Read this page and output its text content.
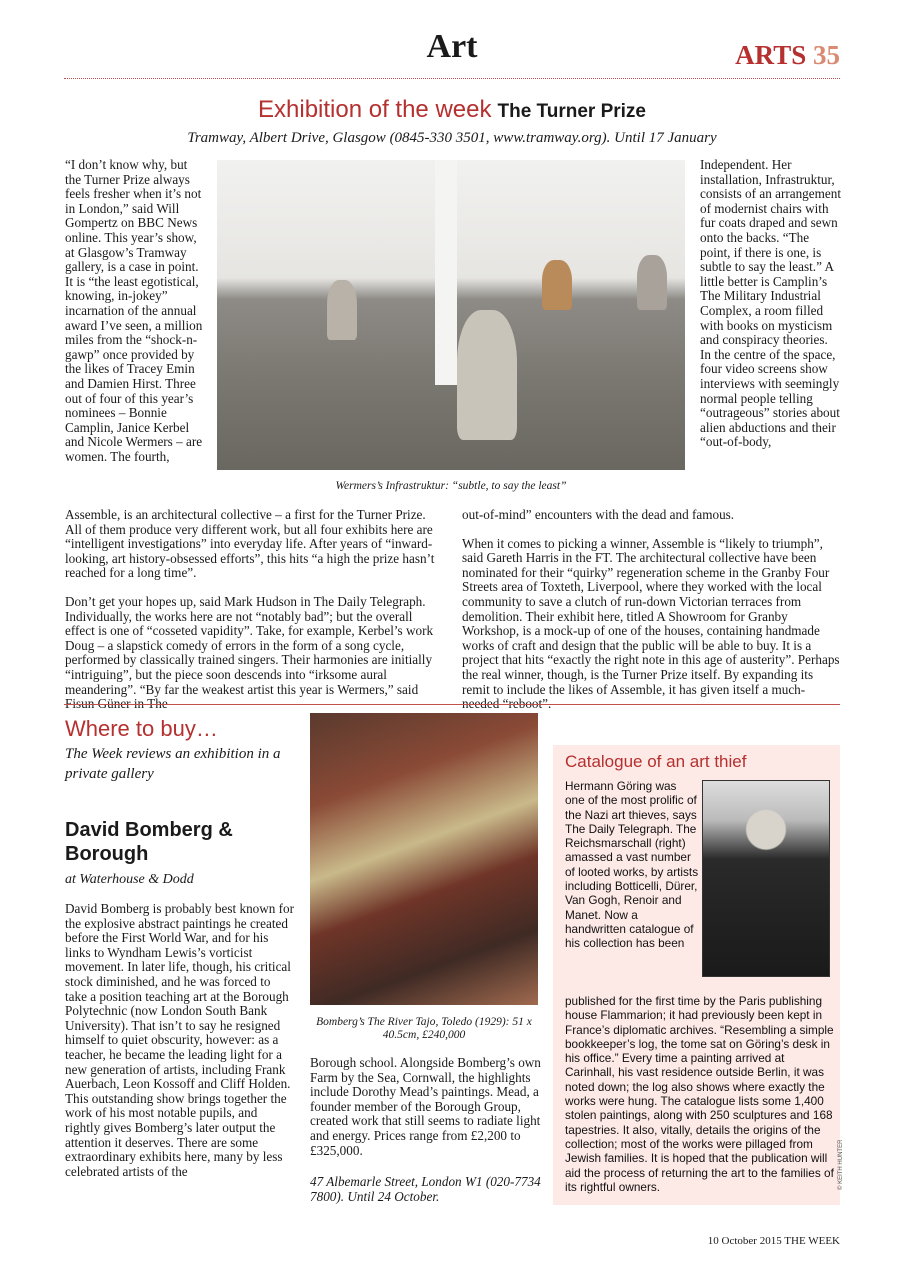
Art	ARTS 35
Exhibition of the week The Turner Prize
Tramway, Albert Drive, Glasgow (0845-330 3501, www.tramway.org). Until 17 January

“I don’t know why, but the Turner Prize always feels fresher when it’s not in London,” said Will Gompertz on BBC News online. This year’s show, at Glasgow’s Tramway gallery, is a case in point. It is “the least egotistical, knowing, in-jokey” incarnation of the annual award I’ve seen, a million miles from the “shock-n-gawp” once provided by the likes of Tracey Emin and Damien Hirst. Three out of four of this year’s nominees – Bonnie Camplin, Janice Kerbel and Nicole Wermers – are women. The fourth,

Wermers’s Infrastruktur: “subtle, to say the least”

Independent. Her installation, Infrastruktur, consists of an arrangement of modernist chairs with fur coats draped and sewn onto the backs. “The point, if there is one, is subtle to say the least.” A little better is Camplin’s The Military Industrial Complex, a room filled with books on mysticism and conspiracy theories. In the centre of the space, four video screens show interviews with seemingly normal people telling “outrageous” stories about alien abductions and their “out-of-body,

Assemble, is an architectural collective – a first for the Turner Prize. All of them produce very different work, but all four exhibits here are “intelligent investigations” into everyday life. After years of “inward-looking, art history-obsessed efforts”, this hits “a high the prize hasn’t reached for a long time”.

Don’t get your hopes up, said Mark Hudson in The Daily Telegraph. Individually, the works here are not “notably bad”; but the overall effect is one of “cosseted vapidity”. Take, for example, Kerbel’s work Doug – a slapstick comedy of errors in the form of a song cycle, performed by classically trained singers. Their harmonies are initially “intriguing”, but the piece soon descends into “irksome aural meandering”. “By far the weakest artist this year is Wermers,” said Fisun Güner in The

out-of-mind” encounters with the dead and famous.

When it comes to picking a winner, Assemble is “likely to triumph”, said Gareth Harris in the FT. The architectural collective have been nominated for their “quirky” regeneration scheme in the Granby Four Streets area of Toxteth, Liverpool, where they worked with the local community to save a clutch of run-down Victorian terraces from demolition. Their exhibit here, titled A Showroom for Granby Workshop, is a mock-up of one of the houses, containing handmade works of craft and design that the public will be able to buy. It is a project that hits “exactly the right note in this age of austerity”. Perhaps the real winner, though, is the Turner Prize itself. By expanding its remit to include the likes of Assemble, it has given itself a much-needed “reboot”.

Where to buy…
The Week reviews an exhibition in a private gallery
David Bomberg & Borough
at Waterhouse & Dodd

David Bomberg is probably best known for the explosive abstract paintings he created before the First World War, and for his links to Wyndham Lewis’s vorticist movement. In later life, though, his critical stock diminished, and he was forced to take a position teaching art at the Borough Polytechnic (now London South Bank University). That isn’t to say he resigned himself to quiet obscurity, however: as a teacher, he became the leading light for a new generation of artists, including Frank Auerbach, Leon Kossoff and Cliff Holden. This outstanding show brings together the work of his most notable pupils, and rightly gives Bomberg’s later output the attention it deserves. There are some extraordinary exhibits here, many by less celebrated artists of the

Bomberg’s The River Tajo, Toledo (1929): 51 x 40.5cm, £240,000

Borough school. Alongside Bomberg’s own Farm by the Sea, Cornwall, the highlights include Dorothy Mead’s paintings. Mead, a founder member of the Borough Group, created work that still seems to radiate light and energy. Prices range from £2,200 to £325,000.

47 Albemarle Street, London W1 (020-7734 7800). Until 24 October.

Catalogue of an art thief

Hermann Göring was one of the most prolific of the Nazi art thieves, says The Daily Telegraph. The Reichsmarschall (right) amassed a vast number of looted works, by artists including Botticelli, Dürer, Van Gogh, Renoir and Manet. Now a handwritten catalogue of his collection has been

published for the first time by the Paris publishing house Flammarion; it had previously been kept in France’s diplomatic archives. “Resembling a simple bookkeeper’s log, the tome sat on Göring’s desk in his office.” Every time a painting arrived at Carinhall, his vast residence outside Berlin, it was noted down; the log also shows where exactly the works were hung. The catalogue lists some 1,400 stolen paintings, along with 250 sculptures and 168 tapestries. It also, vitally, details the origins of the collection; most of the works were pillaged from Jewish families. It is hoped that the publication will aid the process of returning the art to the families of its rightful owners.	© KEITH HUNTER
10 October 2015 THE WEEK
